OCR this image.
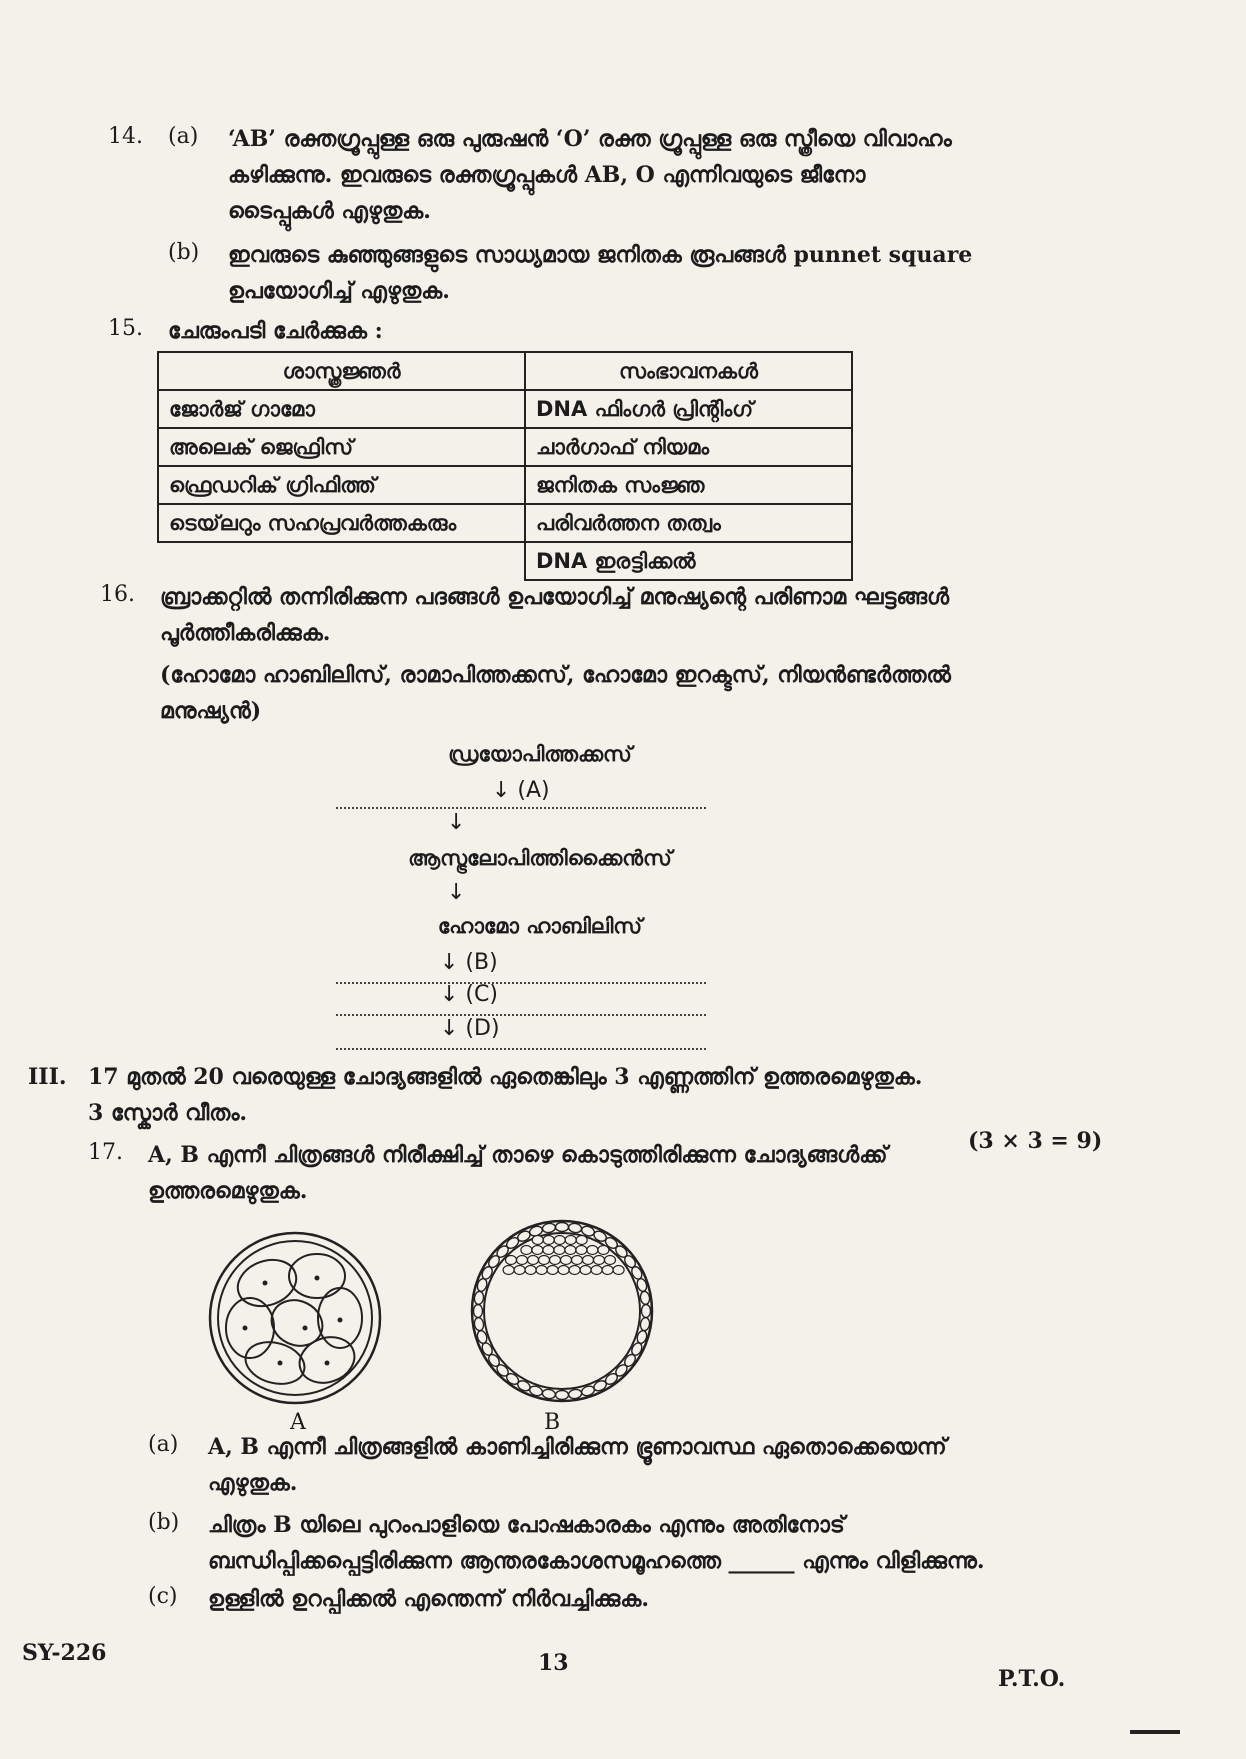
14. (a) ‘AB’ രക്തഗ്രൂപ്പുള്ള ഒരു പുരുഷൻ ‘O’ രക്ത ഗ്രൂപ്പുള്ള ഒരു സ്ത്രീയെ വിവാഹം
കഴിക്കുന്നു. ഇവരുടെ രക്തഗ്രൂപ്പുകൾ AB, O എന്നിവയുടെ ജീനോ
ടൈപ്പുകൾ എഴുതുക.
(b) ഇവരുടെ കുഞ്ഞുങ്ങളുടെ സാധ്യമായ ജനിതക രൂപങ്ങൾ punnet square
ഉപയോഗിച്ച് എഴുതുക.
15. ചേരുംപടി ചേർക്കുക :
ശാസ്ത്രജ്ഞർ	സംഭാവനകൾ
ജോർജ് ഗാമോ	DNA ഫിംഗർ പ്രിന്റിംഗ്
അലെക് ജെഫ്രിസ്	ചാർഗാഫ് നിയമം
ഫ്രെഡറിക് ഗ്രിഫിത്ത്	ജനിതക സംജ്ഞ
ടെയ്‌ലറും സഹപ്രവർത്തകരും	പരിവർത്തന തത്വം
	DNA ഇരട്ടിക്കൽ
16. ബ്രാക്കറ്റിൽ തന്നിരിക്കുന്ന പദങ്ങൾ ഉപയോഗിച്ച് മനുഷ്യന്റെ പരിണാമ ഘട്ടങ്ങൾ
പൂർത്തീകരിക്കുക.
(ഹോമോ ഹാബിലിസ്, രാമാപിത്തക്കസ്, ഹോമോ ഇറക്ടസ്, നിയൻണ്ടർത്തൽ
മനുഷ്യൻ)
ഡ്രയോപിത്തക്കസ്
↓ (A)
↓
ആസ്ട്രലോപിത്തിക്കൈൻസ്
↓
ഹോമോ ഹാബിലിസ്
↓ (B)
↓ (C)
↓ (D)
III. 17 മുതൽ 20 വരെയുള്ള ചോദ്യങ്ങളിൽ ഏതെങ്കിലും 3 എണ്ണത്തിന് ഉത്തരമെഴുതുക.
3 സ്കോർ വീതം.
(3 × 3 = 9)
17. A, B എന്നീ ചിത്രങ്ങൾ നിരീക്ഷിച്ച് താഴെ കൊടുത്തിരിക്കുന്ന ചോദ്യങ്ങൾക്ക്
ഉത്തരമെഴുതുക.
A	B
(a) A, B എന്നീ ചിത്രങ്ങളിൽ കാണിച്ചിരിക്കുന്ന ഭ്രൂണാവസ്ഥ ഏതൊക്കെയെന്ന്
എഴുതുക.
(b) ചിത്രം B യിലെ പുറംപാളിയെ പോഷകാരകം എന്നും അതിനോട്
ബന്ധിപ്പിക്കപ്പെട്ടിരിക്കുന്ന ആന്തരകോശസമൂഹത്തെ ______ എന്നും വിളിക്കുന്നു.
(c) ഉള്ളിൽ ഉറപ്പിക്കൽ എന്തെന്ന് നിർവച്ചിക്കുക.
SY-226	13
P.T.O.
